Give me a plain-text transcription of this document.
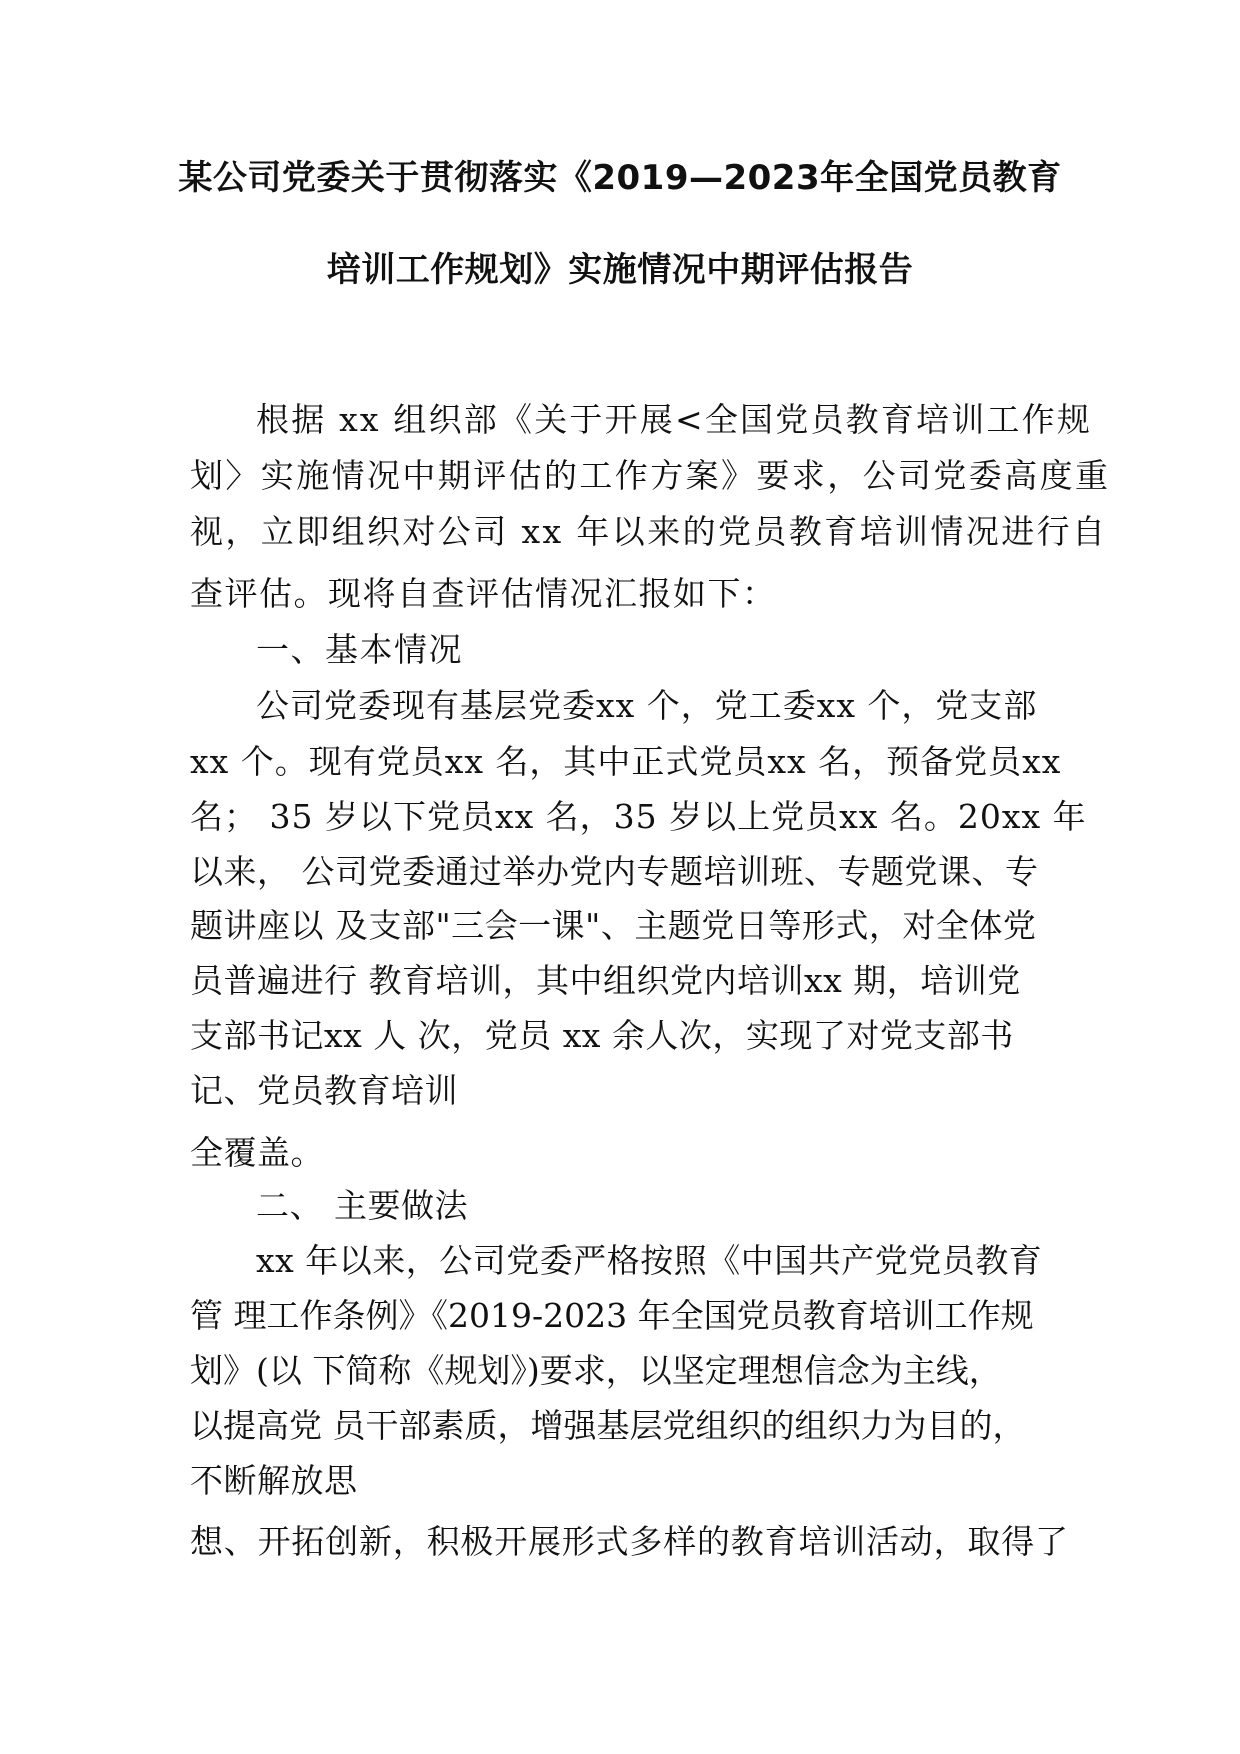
某公司党委关于贯彻落实《2019—2023年全国党员教育
培训工作规划》实施情况中期评估报告
根据 xx 组织部《关于开展<全国党员教育培训工作规
划〉实施情况中期评估的工作方案》要求，公司党委高度重
视，立即组织对公司 xx 年以来的党员教育培训情况进行自
查评估。现将自查评估情况汇报如下：
一、基本情况
公司党委现有基层党委xx 个，党工委xx 个，党支部
xx 个。现有党员xx 名，其中正式党员xx 名，预备党员xx
名； 35 岁以下党员xx 名，35 岁以上党员xx 名。20xx 年
以来， 公司党委通过举办党内专题培训班、专题党课、专
题讲座以 及支部"三会一课"、主题党日等形式，对全体党
员普遍进行 教育培训，其中组织党内培训xx 期，培训党
支部书记xx 人 次，党员 xx 余人次，实现了对党支部书
记、党员教育培训
全覆盖。
二、 主要做法
xx 年以来，公司党委严格按照《中国共产党党员教育
管 理工作条例》《2019-2023 年全国党员教育培训工作规
划》(以 下简称《规划》)要求，以坚定理想信念为主线，
以提高党 员干部素质，增强基层党组织的组织力为目的，
不断解放思
想、开拓创新，积极开展形式多样的教育培训活动，取得了
